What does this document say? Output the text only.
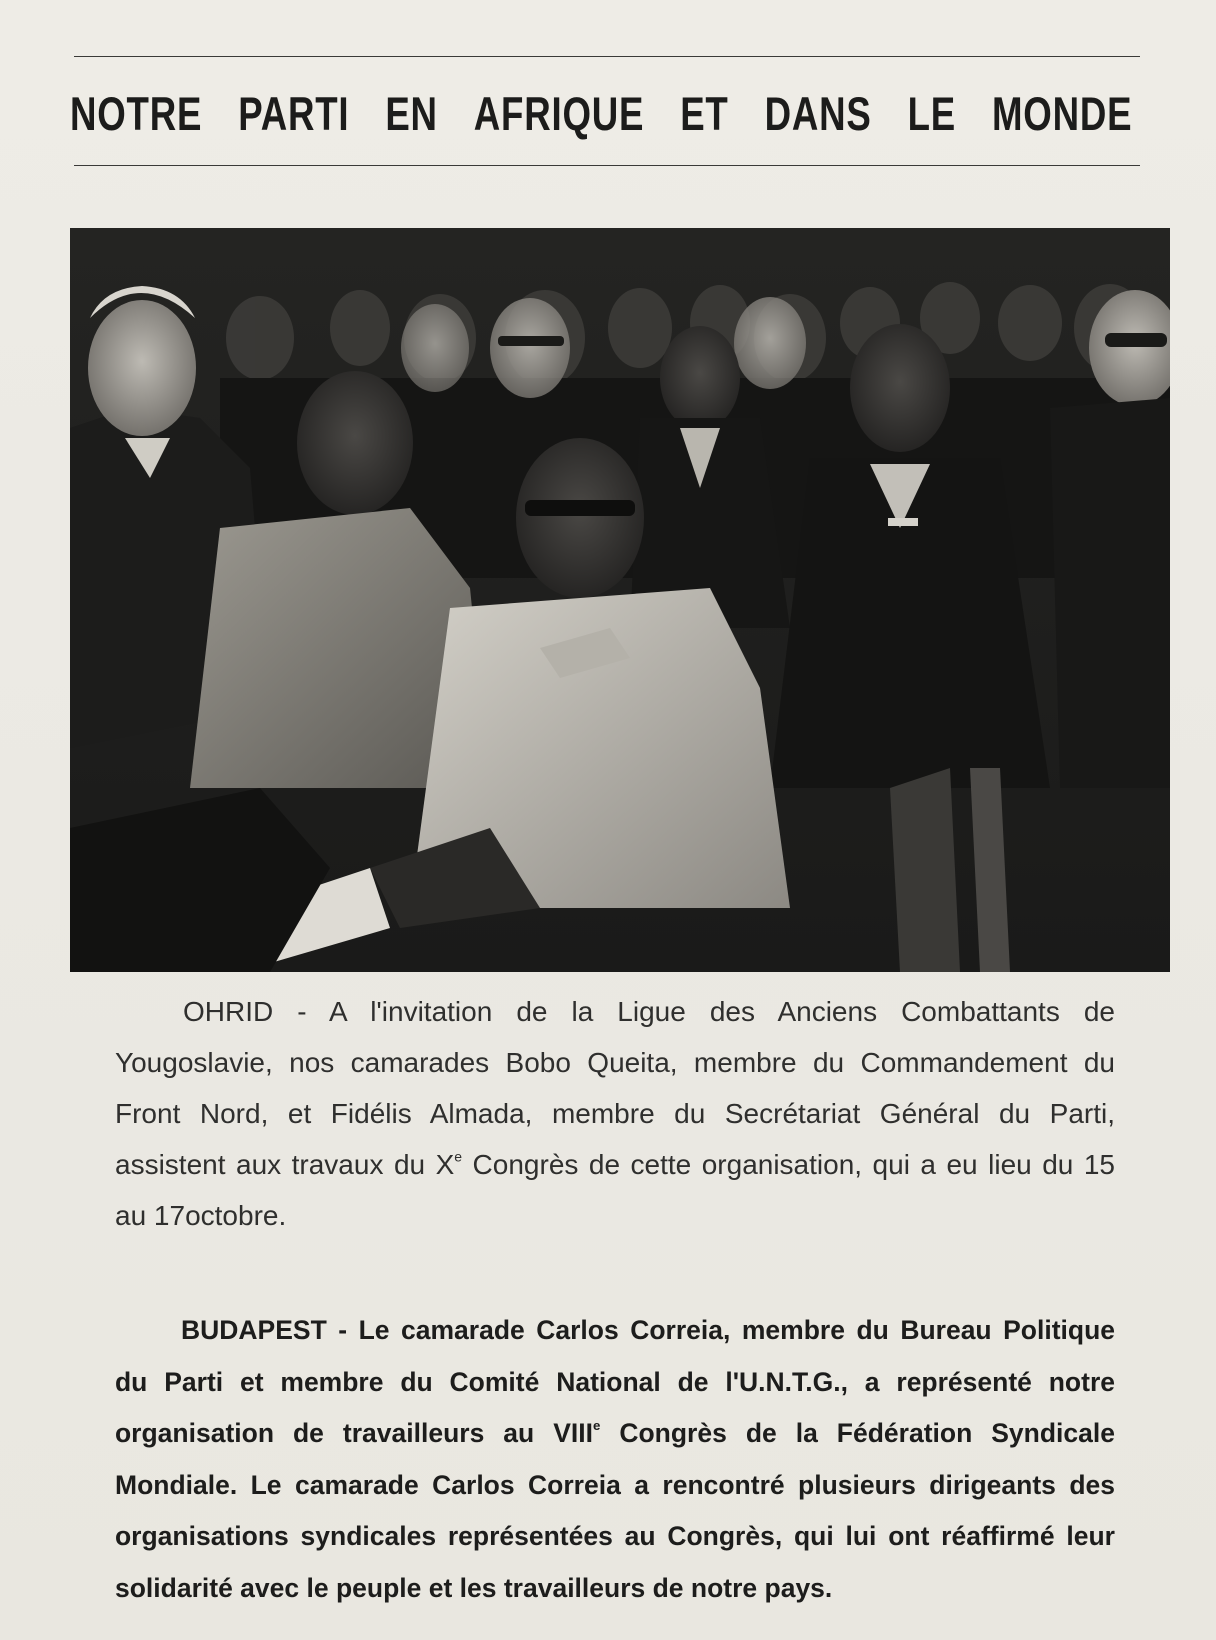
NOTRE PARTI EN AFRIQUE ET DANS LE MONDE

OHRID - A l'invitation de la Ligue des Anciens Combattants de Yougoslavie, nos camarades Bobo Queita, membre du Commandement du Front Nord, et Fidélis Almada, membre du Secrétariat Général du Parti, assistent aux travaux du Xe Congrès de cette organisation, qui a eu lieu du 15 au 17octobre.

BUDAPEST - Le camarade Carlos Correia, membre du Bureau Politique du Parti et membre du Comité National de l'U.N.T.G., a représenté notre organisation de travailleurs au VIIIe Congrès de la Fédération Syndicale Mondiale. Le camarade Carlos Correia a rencontré plusieurs dirigeants des organisations syndicales représentées au Congrès, qui lui ont réaffirmé leur solidarité avec le peuple et les travailleurs de notre pays.
